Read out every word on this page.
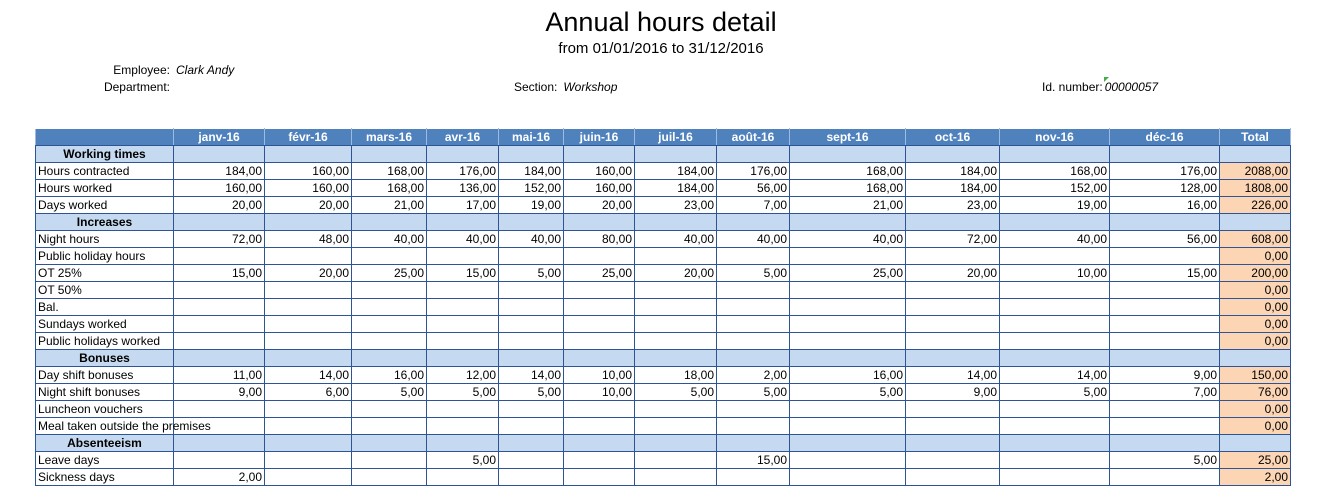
Annual hours detail
from 01/01/2016 to 31/12/2016
Employee: Clark Andy
Department:	Section: Workshop	Id. number: 00000057
	janv-16	févr-16	mars-16	avr-16	mai-16	juin-16	juil-16	août-16	sept-16	oct-16	nov-16	déc-16	Total
Working times													
Hours contracted	184,00	160,00	168,00	176,00	184,00	160,00	184,00	176,00	168,00	184,00	168,00	176,00	2088,00
Hours worked	160,00	160,00	168,00	136,00	152,00	160,00	184,00	56,00	168,00	184,00	152,00	128,00	1808,00
Days worked	20,00	20,00	21,00	17,00	19,00	20,00	23,00	7,00	21,00	23,00	19,00	16,00	226,00
Increases													
Night hours	72,00	48,00	40,00	40,00	40,00	80,00	40,00	40,00	40,00	72,00	40,00	56,00	608,00
Public holiday hours													0,00
OT 25%	15,00	20,00	25,00	15,00	5,00	25,00	20,00	5,00	25,00	20,00	10,00	15,00	200,00
OT 50%													0,00
Bal.													0,00
Sundays worked													0,00
Public holidays worked													0,00
Bonuses													
Day shift bonuses	11,00	14,00	16,00	12,00	14,00	10,00	18,00	2,00	16,00	14,00	14,00	9,00	150,00
Night shift bonuses	9,00	6,00	5,00	5,00	5,00	10,00	5,00	5,00	5,00	9,00	5,00	7,00	76,00
Luncheon vouchers													0,00
Meal taken outside the premises													0,00
Absenteeism													
Leave days				5,00				15,00				5,00	25,00
Sickness days	2,00												2,00
